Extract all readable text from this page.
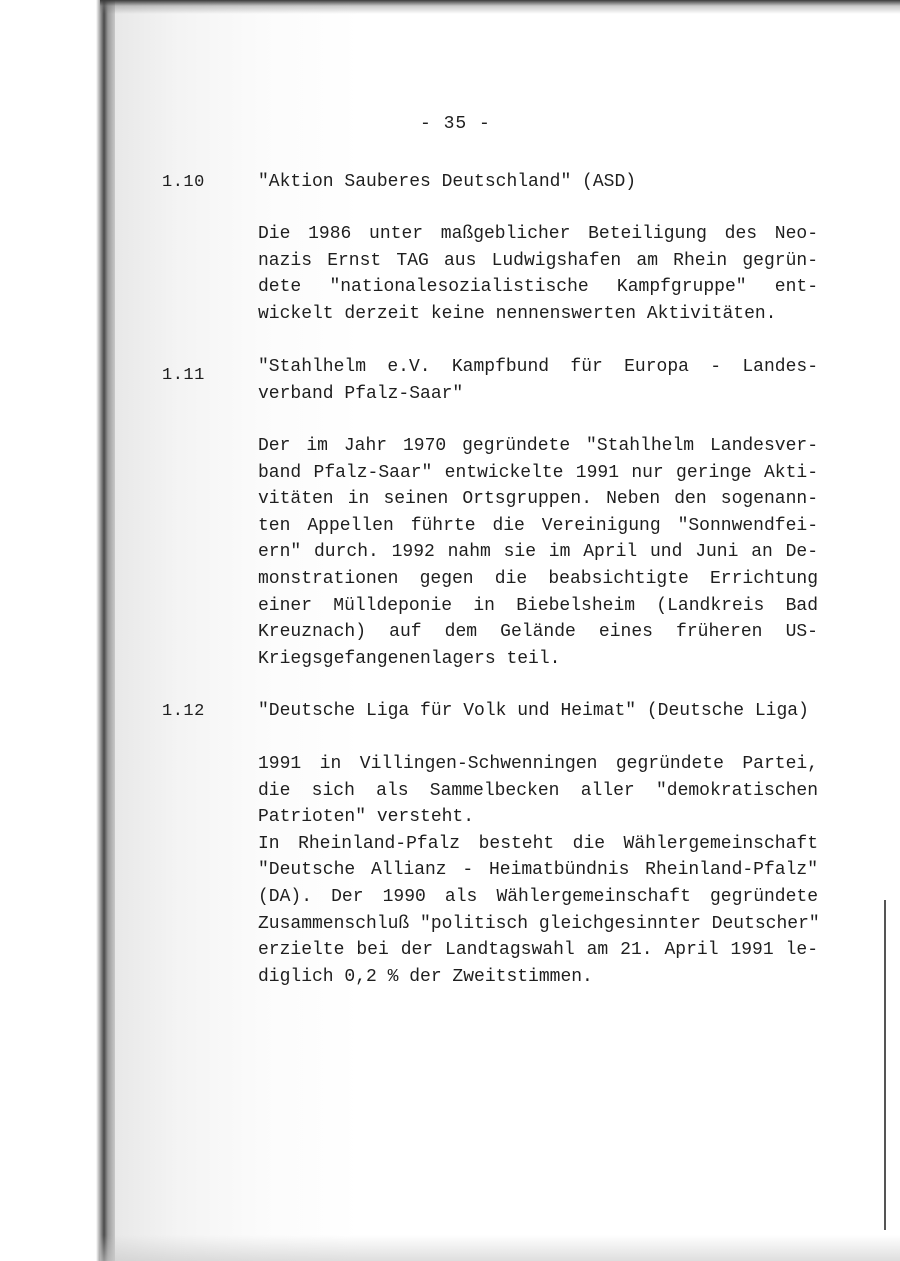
- 35 -
1.10	"Aktion Sauberes Deutschland" (ASD)
Die 1986 unter maßgeblicher Beteiligung des Neo-
nazis Ernst TAG aus Ludwigshafen am Rhein gegrün-
dete "nationalesozialistische Kampfgruppe" ent-
wickelt derzeit keine nennenswerten Aktivitäten.
1.11	"Stahlhelm e.V. Kampfbund für Europa - Landes-
verband Pfalz-Saar"
Der im Jahr 1970 gegründete "Stahlhelm Landesver-
band Pfalz-Saar" entwickelte 1991 nur geringe Akti-
vitäten in seinen Ortsgruppen. Neben den sogenann-
ten Appellen führte die Vereinigung "Sonnwendfei-
ern" durch. 1992 nahm sie im April und Juni an De-
monstrationen gegen die beabsichtigte Errichtung
einer Mülldeponie in Biebelsheim (Landkreis Bad
Kreuznach) auf dem Gelände eines früheren US-
Kriegsgefangenenlagers teil.
1.12	"Deutsche Liga für Volk und Heimat" (Deutsche Liga)
1991 in Villingen-Schwenningen gegründete Partei,
die sich als Sammelbecken aller "demokratischen
Patrioten" versteht.
In Rheinland-Pfalz besteht die Wählergemeinschaft
"Deutsche Allianz - Heimatbündnis Rheinland-Pfalz"
(DA). Der 1990 als Wählergemeinschaft gegründete
Zusammenschluß "politisch gleichgesinnter Deutscher"
erzielte bei der Landtagswahl am 21. April 1991 le-
diglich 0,2 % der Zweitstimmen.
